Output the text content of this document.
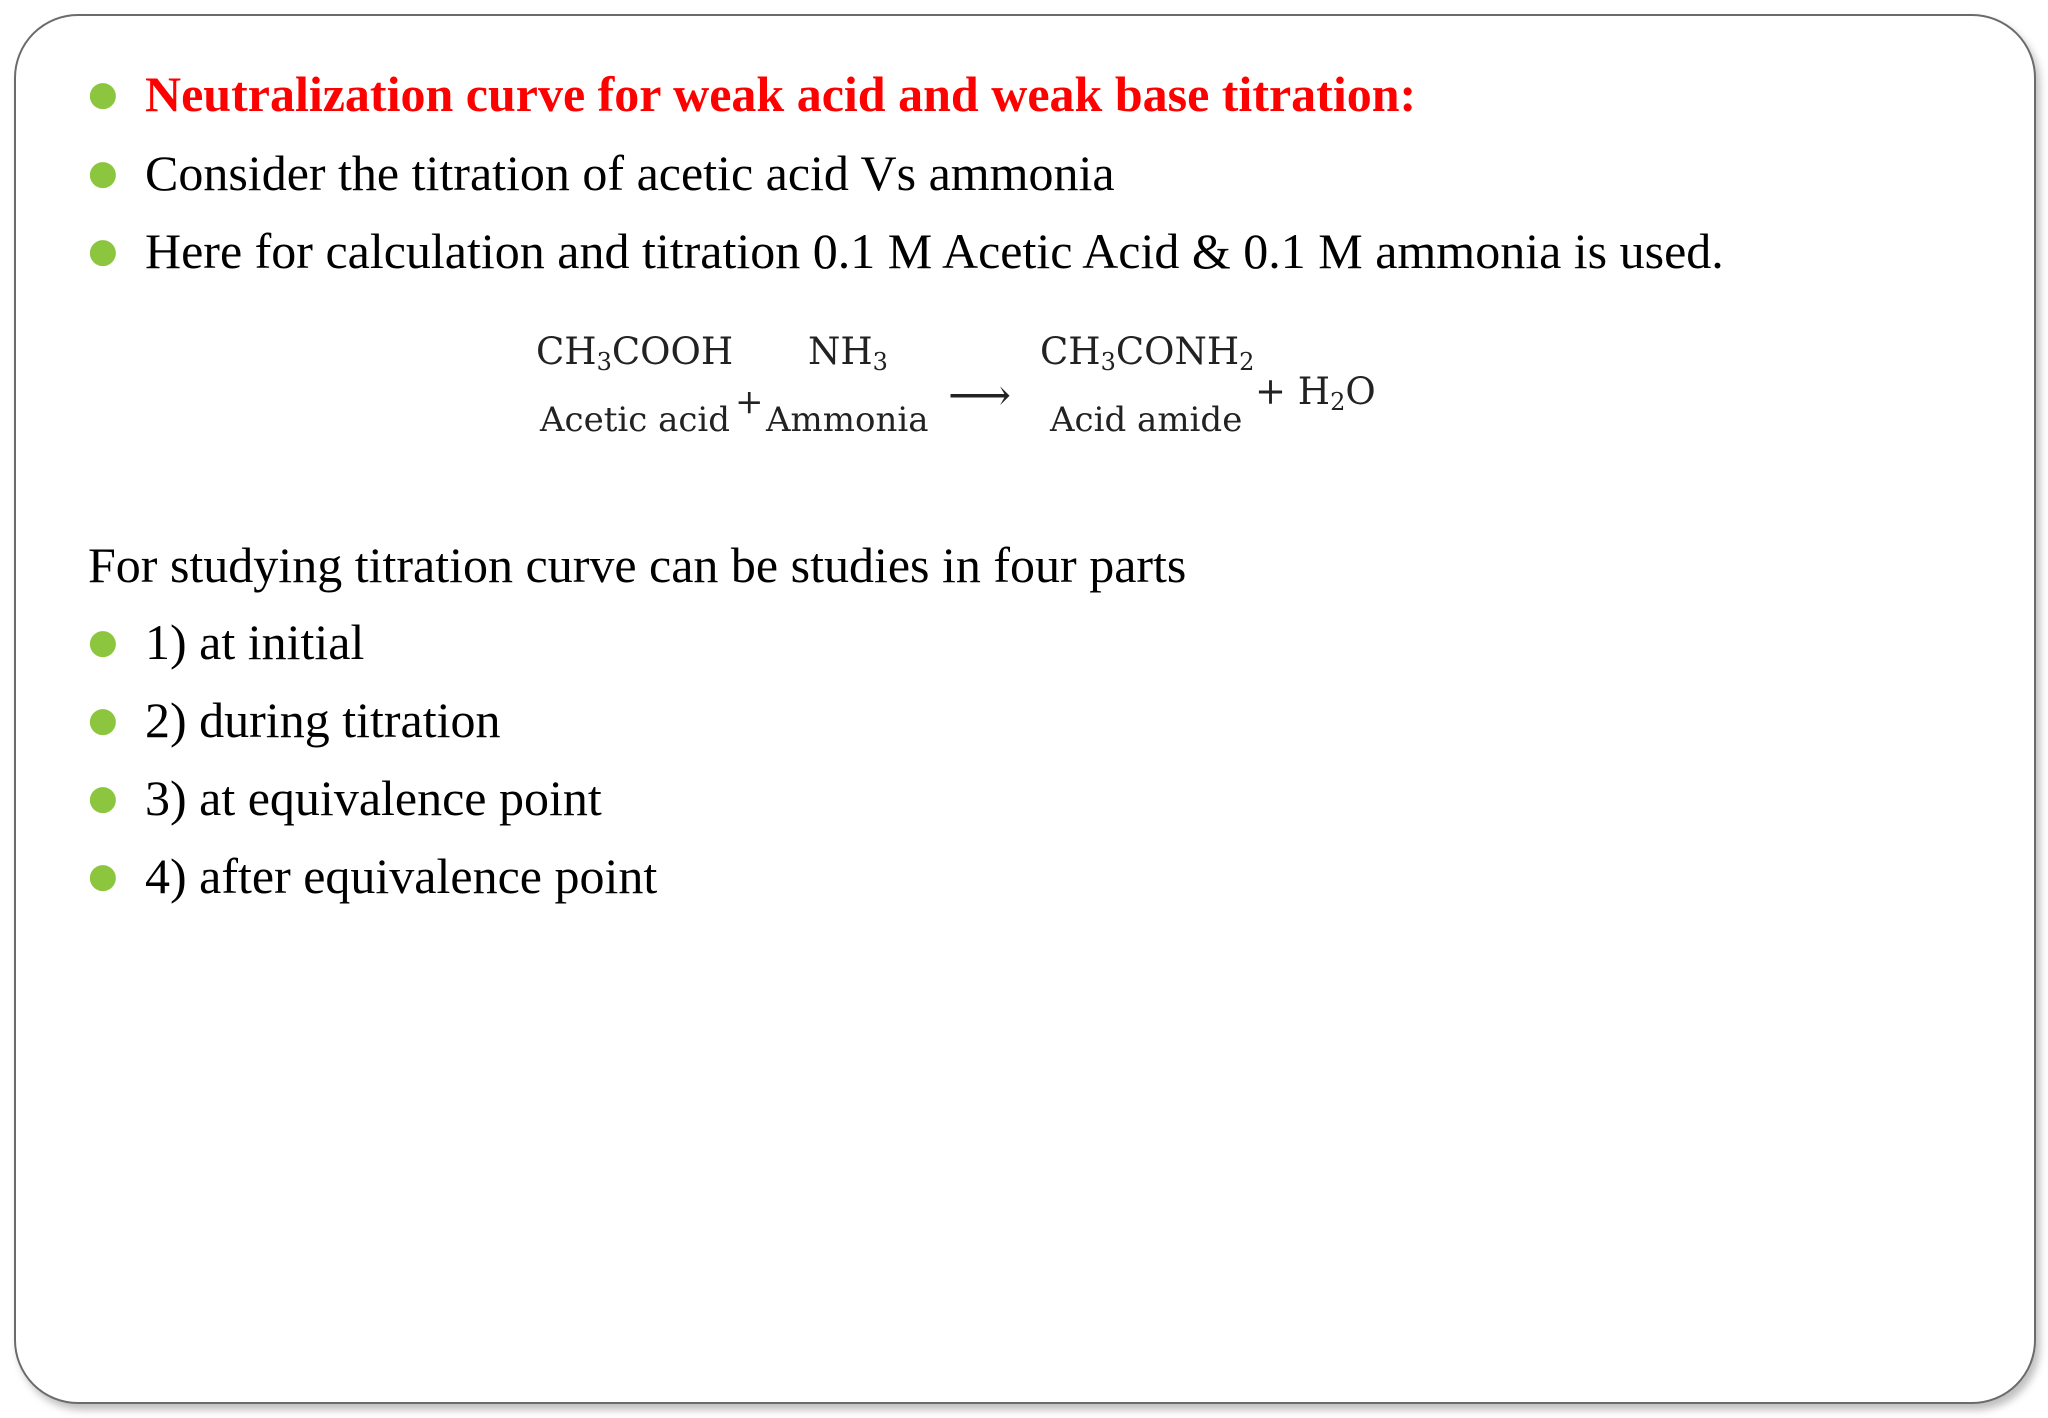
● Neutralization curve for weak acid and weak base titration:
● Consider the titration of acetic acid Vs ammonia
● Here for calculation and titration 0.1 M Acetic Acid & 0.1 M ammonia is used.
$CH_3COOH$
Acetic acid +
$NH_3$
Ammonia ⟶
$CH_3CONH_2$
Acid amide
+ $H_2O$
For studying titration curve can be studies in four parts
● 1) at initial
● 2) during titration
● 3) at equivalence point
● 4) after equivalence point
